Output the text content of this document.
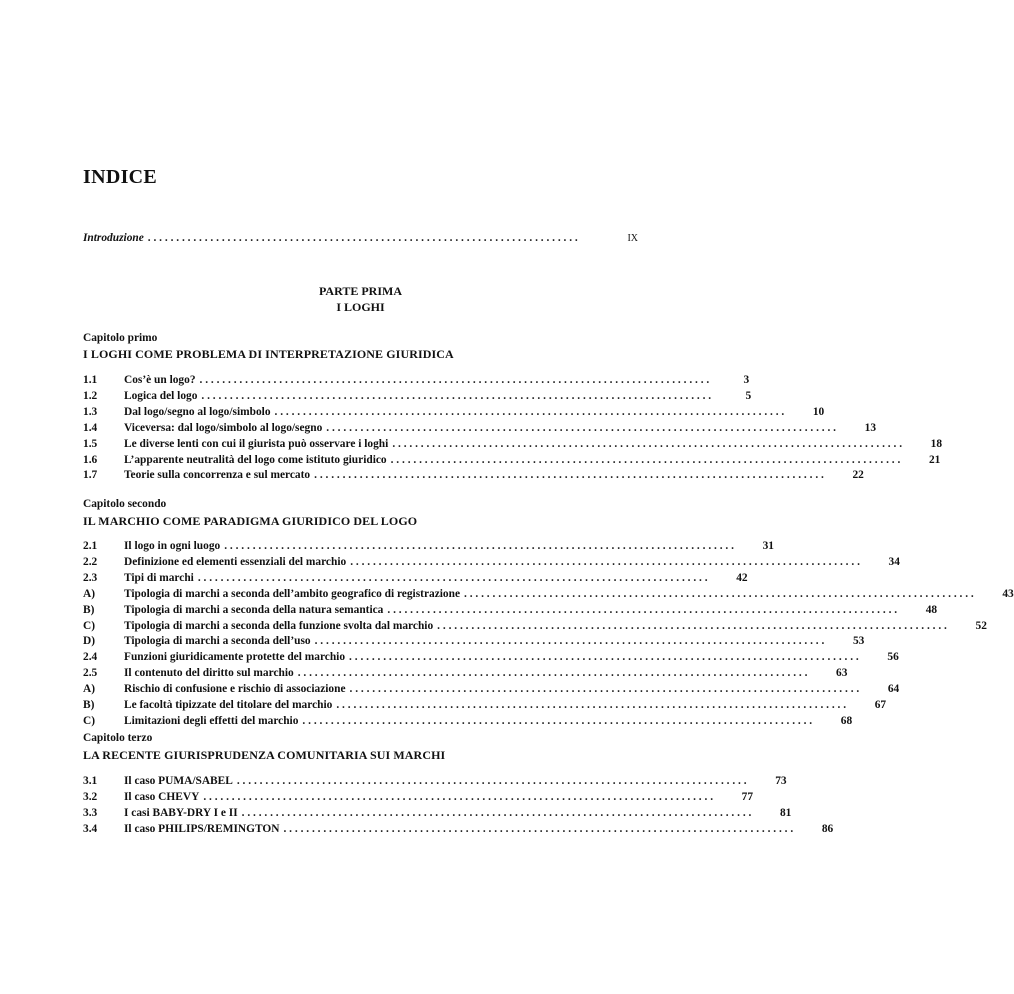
INDICE
Introduzione . . . . . . . . . . . . . . . . . . . . . . . . . . . . . . . . . . . . . . . . . . . . . . . . . . . . . . . . . . . . . . . . . . . . . . . . . . . .	IX
PARTE PRIMA
I LOGHI
Capitolo primo
I LOGHI COME PROBLEMA DI INTERPRETAZIONE GIURIDICA
Capitolo secondo
IL MARCHIO COME PARADIGMA GIURIDICO DEL LOGO
Capitolo terzo
LA RECENTE GIURISPRUDENZA COMUNITARIA SUI MARCHI
1.1	Cos’è un logo? . . . . . . . . . . . . . . . . . . . . . . . . . . . . . . . . . . . . . . . . . . . . . . . . . . . . . . . . . . . . . . . . . . . . . . . . . . . . . . . . . . . . . . . . . .	3
1.2	Logica del logo . . . . . . . . . . . . . . . . . . . . . . . . . . . . . . . . . . . . . . . . . . . . . . . . . . . . . . . . . . . . . . . . . . . . . . . . . . . . . . . . . . . . . . . . . .	5
1.3	Dal logo/segno al logo/simbolo . . . . . . . . . . . . . . . . . . . . . . . . . . . . . . . . . . . . . . . . . . . . . . . . . . . . . . . . . . . . . . . . . . . . . . . . . . . . . . . . . . . . . . . . . .	10
1.4	Viceversa: dal logo/simbolo al logo/segno . . . . . . . . . . . . . . . . . . . . . . . . . . . . . . . . . . . . . . . . . . . . . . . . . . . . . . . . . . . . . . . . . . . . . . . . . . . . . . . . . . . . . . . . . .	13
1.5	Le diverse lenti con cui il giurista può osservare i loghi . . . . . . . . . . . . . . . . . . . . . . . . . . . . . . . . . . . . . . . . . . . . . . . . . . . . . . . . . . . . . . . . . . . . . . . . . . . . . . . . . . . . . . . . . .	18
1.6	L’apparente neutralità del logo come istituto giuridico . . . . . . . . . . . . . . . . . . . . . . . . . . . . . . . . . . . . . . . . . . . . . . . . . . . . . . . . . . . . . . . . . . . . . . . . . . . . . . . . . . . . . . . . . .	21
1.7	Teorie sulla concorrenza e sul mercato . . . . . . . . . . . . . . . . . . . . . . . . . . . . . . . . . . . . . . . . . . . . . . . . . . . . . . . . . . . . . . . . . . . . . . . . . . . . . . . . . . . . . . . . . .	22
2.1	Il logo in ogni luogo . . . . . . . . . . . . . . . . . . . . . . . . . . . . . . . . . . . . . . . . . . . . . . . . . . . . . . . . . . . . . . . . . . . . . . . . . . . . . . . . . . . . . . . . . .	31
2.2	Definizione ed elementi essenziali del marchio . . . . . . . . . . . . . . . . . . . . . . . . . . . . . . . . . . . . . . . . . . . . . . . . . . . . . . . . . . . . . . . . . . . . . . . . . . . . . . . . . . . . . . . . . .	34
2.3	Tipi di marchi . . . . . . . . . . . . . . . . . . . . . . . . . . . . . . . . . . . . . . . . . . . . . . . . . . . . . . . . . . . . . . . . . . . . . . . . . . . . . . . . . . . . . . . . . .	42
A)	Tipologia di marchi a seconda dell’ambito geografico di registrazione . . . . . . . . . . . . . . . . . . . . . . . . . . . . . . . . . . . . . . . . . . . . . . . . . . . . . . . . . . . . . . . . . . . . . . . . . . . . . . . . . . . . . . . . . .	43
B)	Tipologia di marchi a seconda della natura semantica . . . . . . . . . . . . . . . . . . . . . . . . . . . . . . . . . . . . . . . . . . . . . . . . . . . . . . . . . . . . . . . . . . . . . . . . . . . . . . . . . . . . . . . . . .	48
C)	Tipologia di marchi a seconda della funzione svolta dal marchio . . . . . . . . . . . . . . . . . . . . . . . . . . . . . . . . . . . . . . . . . . . . . . . . . . . . . . . . . . . . . . . . . . . . . . . . . . . . . . . . . . . . . . . . . .	52
D)	Tipologia di marchi a seconda dell’uso . . . . . . . . . . . . . . . . . . . . . . . . . . . . . . . . . . . . . . . . . . . . . . . . . . . . . . . . . . . . . . . . . . . . . . . . . . . . . . . . . . . . . . . . . .	53
2.4	Funzioni giuridicamente protette del marchio . . . . . . . . . . . . . . . . . . . . . . . . . . . . . . . . . . . . . . . . . . . . . . . . . . . . . . . . . . . . . . . . . . . . . . . . . . . . . . . . . . . . . . . . . .	56
2.5	Il contenuto del diritto sul marchio . . . . . . . . . . . . . . . . . . . . . . . . . . . . . . . . . . . . . . . . . . . . . . . . . . . . . . . . . . . . . . . . . . . . . . . . . . . . . . . . . . . . . . . . . .	63
A)	Rischio di confusione e rischio di associazione . . . . . . . . . . . . . . . . . . . . . . . . . . . . . . . . . . . . . . . . . . . . . . . . . . . . . . . . . . . . . . . . . . . . . . . . . . . . . . . . . . . . . . . . . .	64
B)	Le facoltà tipizzate del titolare del marchio . . . . . . . . . . . . . . . . . . . . . . . . . . . . . . . . . . . . . . . . . . . . . . . . . . . . . . . . . . . . . . . . . . . . . . . . . . . . . . . . . . . . . . . . . .	67
C)	Limitazioni degli effetti del marchio . . . . . . . . . . . . . . . . . . . . . . . . . . . . . . . . . . . . . . . . . . . . . . . . . . . . . . . . . . . . . . . . . . . . . . . . . . . . . . . . . . . . . . . . . .	68
3.1	Il caso PUMA/SABEL . . . . . . . . . . . . . . . . . . . . . . . . . . . . . . . . . . . . . . . . . . . . . . . . . . . . . . . . . . . . . . . . . . . . . . . . . . . . . . . . . . . . . . . . . .	73
3.2	Il caso CHEVY . . . . . . . . . . . . . . . . . . . . . . . . . . . . . . . . . . . . . . . . . . . . . . . . . . . . . . . . . . . . . . . . . . . . . . . . . . . . . . . . . . . . . . . . . .	77
3.3	I casi BABY-DRY I e II . . . . . . . . . . . . . . . . . . . . . . . . . . . . . . . . . . . . . . . . . . . . . . . . . . . . . . . . . . . . . . . . . . . . . . . . . . . . . . . . . . . . . . . . . .	81
3.4	Il caso PHILIPS/REMINGTON . . . . . . . . . . . . . . . . . . . . . . . . . . . . . . . . . . . . . . . . . . . . . . . . . . . . . . . . . . . . . . . . . . . . . . . . . . . . . . . . . . . . . . . . . .	86
